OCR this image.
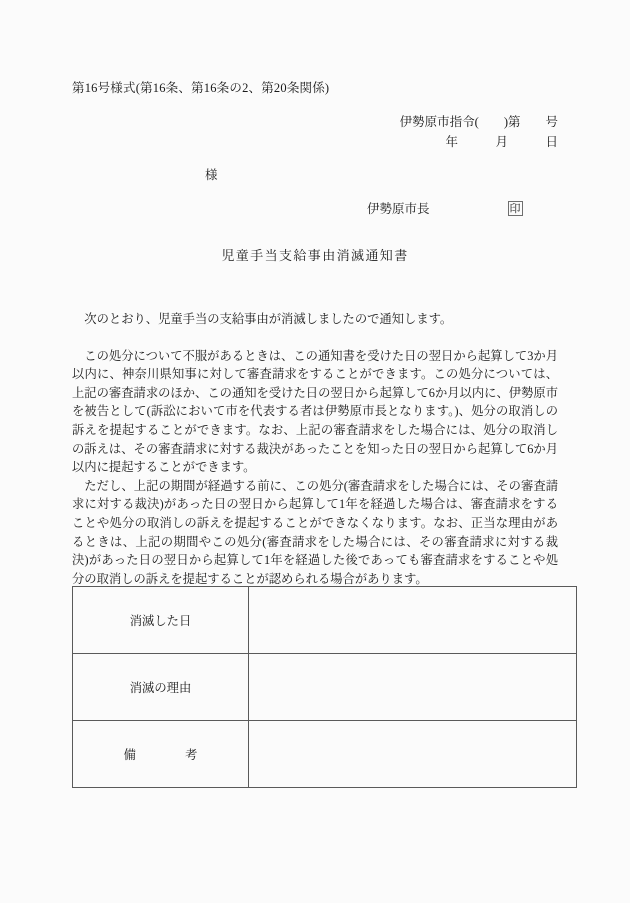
第16号様式(第16条、第16条の2、第20条関係)
伊勢原市指令(　　)第　　号
年　　　月　　　日
様
伊勢原市長	印
児童手当支給事由消滅通知書

次のとおり、児童手当の支給事由が消滅しましたので通知します。

この処分について不服があるときは、この通知書を受けた日の翌日から起算して3か月以内に、神奈川県知事に対して審査請求をすることができます。この処分については、上記の審査請求のほか、この通知を受けた日の翌日から起算して6か月以内に、伊勢原市を被告として(訴訟において市を代表する者は伊勢原市長となります。)、処分の取消しの訴えを提起することができます。なお、上記の審査請求をした場合には、処分の取消しの訴えは、その審査請求に対する裁決があったことを知った日の翌日から起算して6か月以内に提起することができます。

ただし、上記の期間が経過する前に、この処分(審査請求をした場合には、その審査請求に対する裁決)があった日の翌日から起算して1年を経過した場合は、審査請求をすることや処分の取消しの訴えを提起することができなくなります。なお、正当な理由があるときは、上記の期間やこの処分(審査請求をした場合には、その審査請求に対する裁決)があった日の翌日から起算して1年を経過した後であっても審査請求をすることや処分の取消しの訴えを提起することが認められる場合があります。

消滅した日	
消滅の理由	
備　　　　考	
